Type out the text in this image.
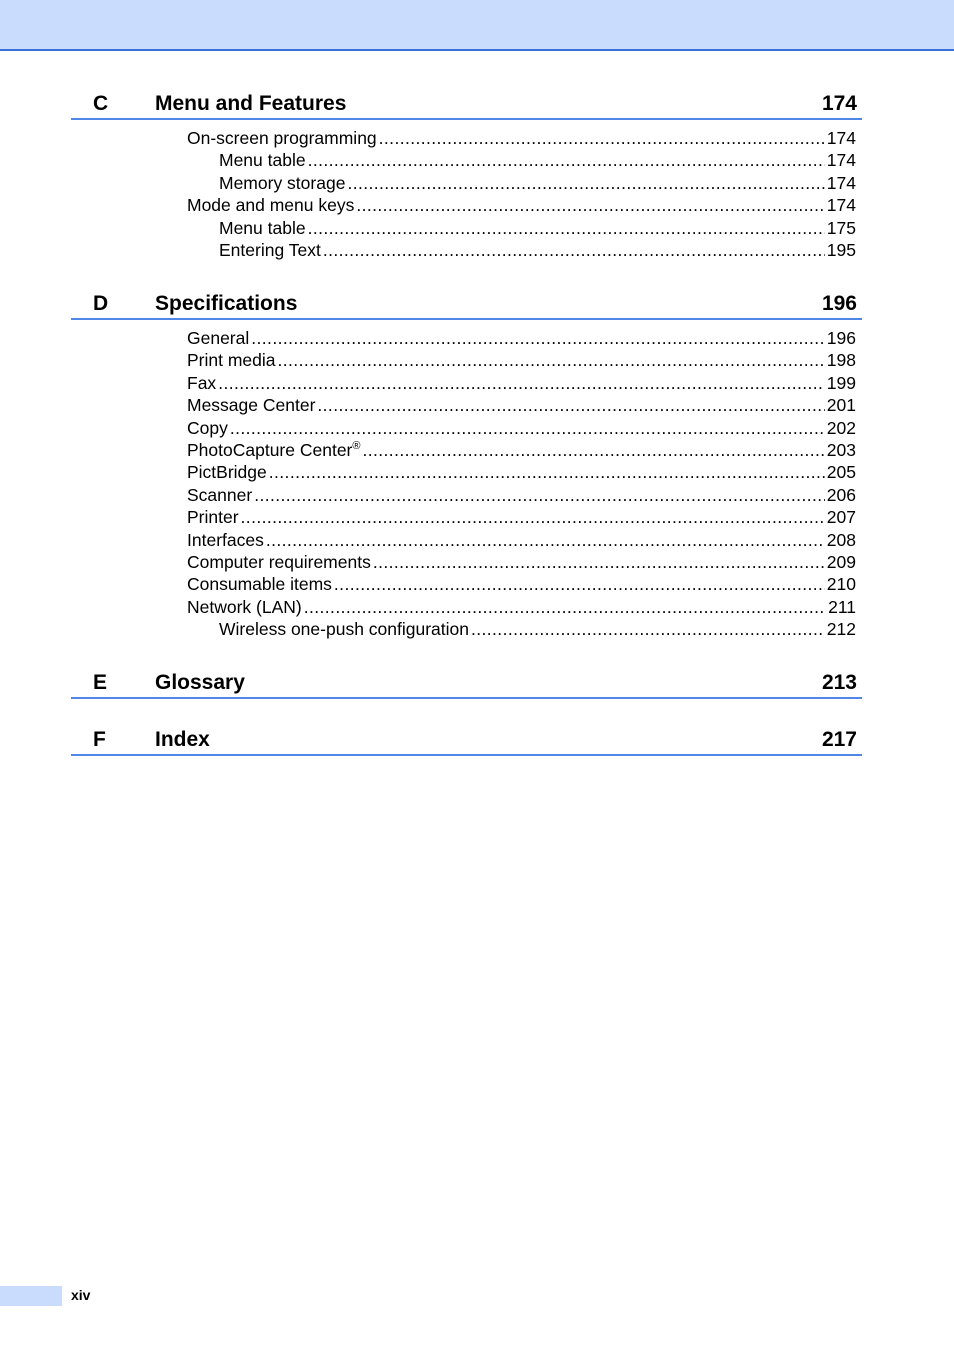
C Menu and Features	174
On-screen programming .....	174
Menu table .....	174
Memory storage .....	174
Mode and menu keys .....	174
Menu table .....	175
Entering Text .....	195
D Specifications	196
General .....	196
Print media .....	198
Fax .....	199
Message Center .....	201
Copy .....	202
PhotoCapture Center® .....	203
PictBridge .....	205
Scanner .....	206
Printer .....	207
Interfaces .....	208
Computer requirements .....	209
Consumable items .....	210
Network (LAN) .....	211
Wireless one-push configuration .....	212
E Glossary	213
F Index	217
xiv
